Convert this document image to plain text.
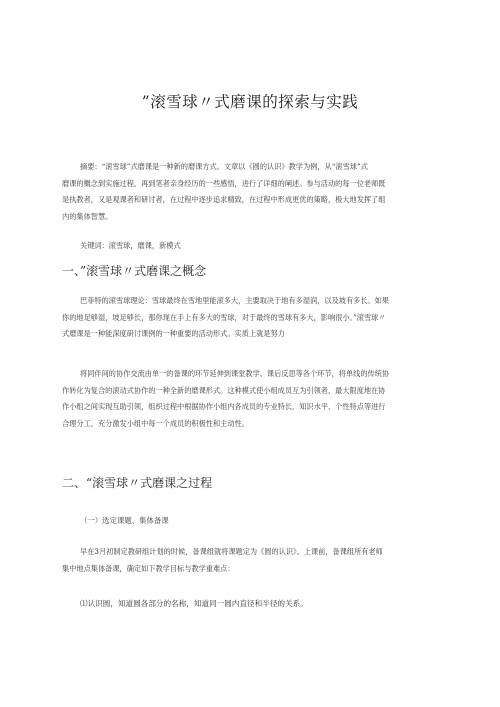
”滚雪球〃式磨课的探索与实践
摘要：“滚雪球”式磨课是一种新的磨课方式。文章以《圆的认识》教学为例，从“滚雪球”式
磨课的概念到实施过程，再到笔者亲身经历的一些感悟，进行了详细的阐述。参与活动的每一位老师既
是执教者，又是观课者和研讨者，在过程中逐步追求精致，在过程中形成更优的策略，极大地发挥了组
内的集体智慧。
关键词：滚雪球，磨课，新模式
一、”滚雪球〃式磨课之概念
巴菲特的滚雪球理论：雪球最终在雪地里能滚多大，主要取决于地有多湿润，以及坡有多长。如果
你的地足够湿，坡足够长，那你现在手上有多大的雪球，对于最终的雪球有多大，影响很小。”滚雪球〃
式磨课是一种能深度研讨课例的一种重要的活动形式。实质上就是努力
将同伴间的协作交流由单一的备课的环节延伸到课堂教学、课后反思等各个环节，将单线的传统协
作转化为复合的滚动式协作的一种全新的磨课形式。这种模式使小组成员互为引领者，最大限度地在协
作小组之间实现互助引领，组织过程中根据协作小组内各成员的专业特长、知识水平、个性特点等进行
合理分工，充分激发小组中每一个成员的积极性和主动性。
二、“滚雪球〃式磨课之过程
（一）选定课题、集体备课
早在3月初制定教研组计划的时候，备课组就将课题定为《圆的认识》。上课前，备课组所有老师
集中地点集体备课，确定如下教学目标与教学重难点：
⑴认识圆，知道圆各部分的名称，知道同一圆内直径和半径的关系。
